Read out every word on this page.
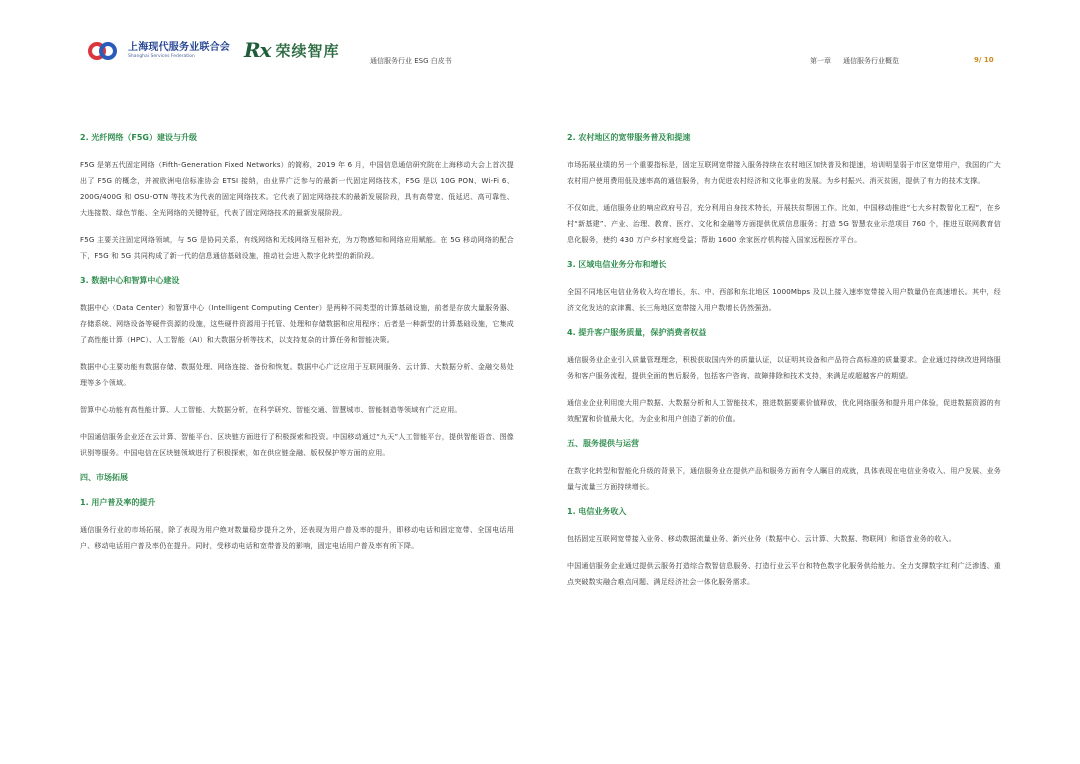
上海现代服务业联合会
Shanghai Services Federation	Rx 荣续智库
通信服务行业 ESG 白皮书	第一章 通信服务行业概览	9/ 10
2. 光纤网络（F5G）建设与升级
F5G 是第五代固定网络（Fifth-Generation Fixed Networks）的简称，2019 年 6 月，中国信息通信研究院在上海移动大会上首次提出了 F5G 的概念，并被欧洲电信标准协会 ETSI 接纳，由业界广泛参与的最新一代固定网络技术，F5G 是以 10G PON、Wi-Fi 6、200G/400G 和 OSU-OTN 等技术为代表的固定网络技术。它代表了固定网络技术的最新发展阶段，具有高带宽、低延迟、高可靠性、大连接数、绿色节能、全光网络的关键特征，代表了固定网络技术的最新发展阶段。
F5G 主要关注固定网络领域，与 5G 是协同关系，有线网络和无线网络互相补充，为万物感知和网络应用赋能。在 5G 移动网络的配合下，F5G 和 5G 共同构成了新一代的信息通信基础设施，推动社会进入数字化转型的新阶段。
3. 数据中心和智算中心建设
数据中心（Data Center）和智算中心（Intelligent Computing Center）是两种不同类型的计算基础设施，前者是存放大量服务器、存储系统、网络设备等硬件资源的设施，这些硬件资源用于托管、处理和存储数据和应用程序；后者是一种新型的计算基础设施，它集成了高性能计算（HPC）、人工智能（AI）和大数据分析等技术，以支持复杂的计算任务和智能决策。
数据中心主要功能有数据存储、数据处理、网络连接、备份和恢复。数据中心广泛应用于互联网服务、云计算、大数据分析、金融交易处理等多个领域。
智算中心功能有高性能计算、人工智能、大数据分析，在科学研究、智能交通、智慧城市、智能制造等领域有广泛应用。
中国通信服务企业还在云计算、智能平台、区块链方面进行了积极探索和投资。中国移动通过“九天”人工智能平台，提供智能语音、图像识别等服务。中国电信在区块链领域进行了积极探索，如在供应链金融、版权保护等方面的应用。
四、市场拓展
1. 用户普及率的提升
通信服务行业的市场拓展，除了表现为用户绝对数量稳步提升之外，还表现为用户普及率的提升，即移动电话和固定宽带、全国电话用户、移动电话用户普及率仍在提升。同时，受移动电话和宽带普及的影响，固定电话用户普及率有所下降。
2. 农村地区的宽带服务普及和提速
市场拓展业绩的另一个重要指标是，固定互联网宽带接入服务持续在农村地区加快普及和提速，培训明显弱于市区宽带用户，我国的广大农村用户使用费用低及速率高的通信服务，有力促进农村经济和文化事业的发展。为乡村振兴、消灭贫困，提供了有力的技术支撑。
不仅如此，通信服务业的响应政府号召，充分利用自身技术特长，开展扶贫帮困工作。比如，中国移动推进“七大乡村数智化工程”，在乡村“新基建”、产业、治理、教育、医疗、文化和金融等方面提供优质信息服务；打造 5G 智慧农业示范项目 760 个，推进互联网教育信息化服务，使约 430 万户乡村家庭受益；帮助 1600 余家医疗机构接入国家远程医疗平台。
3. 区域电信业务分布和增长
全国不同地区电信业务收入均在增长，东、中、西部和东北地区 1000Mbps 及以上接入速率宽带接入用户数量仍在高速增长。其中，经济文化发达的京津冀、长三角地区宽带接入用户数增长仍然强劲。
4. 提升客户服务质量，保护消费者权益
通信服务业企业引入质量管理理念，积极获取国内外的质量认证，以证明其设备和产品符合高标准的质量要求。企业通过持续改进网络服务和客户服务流程，提供全面的售后服务，包括客户咨询、故障排除和技术支持，来满足或超越客户的期望。
通信业企业利用庞大用户数据、大数据分析和人工智能技术，推进数据要素价值释放，优化网络服务和提升用户体验，促进数据资源的有效配置和价值最大化，为企业和用户创造了新的价值。
五、服务提供与运营
在数字化转型和智能化升级的背景下，通信服务业在提供产品和服务方面有令人瞩目的成就，具体表现在电信业务收入、用户发展、业务量与流量三方面持续增长。
1. 电信业务收入
包括固定互联网宽带接入业务、移动数据流量业务、新兴业务（数据中心、云计算、大数据、物联网）和语音业务的收入。
中国通信服务企业通过提供云服务打造综合数智信息服务、打造行业云平台和特色数字化服务供给能力。全力支撑数字红利广泛渗透、重点突破数实融合难点问题、满足经济社会一体化服务需求。
